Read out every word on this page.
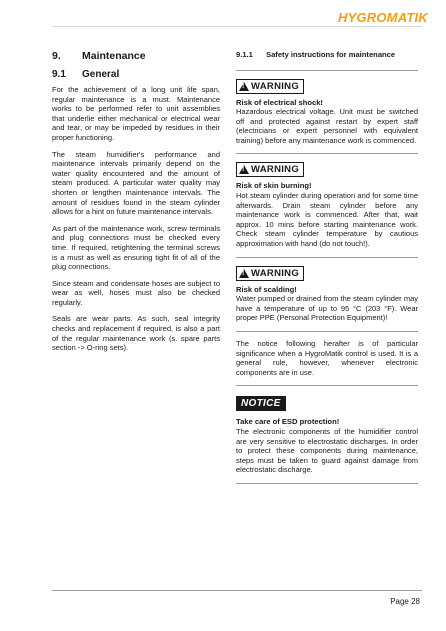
HYGROMATIK
9.	Maintenance
9.1	General

For the achievement of a long unit life span, regular maintenance is a must. Maintenance works to be performed refer to unit assemblies that underlie either mechanical or electrical wear and tear, or may be impeded by residues in their proper functioning.

The steam humidifier's performance and maintenance intervals primarily depend on the water quality encountered and the amount of steam produced. A particular water quality may shorten or lengthen maintenance intervals. The amount of residues found in the steam cylinder allows for a hint on future maintenance intervals.

As part of the maintenance work, screw terminals and plug connections must be checked every time. If required, retightening the terminal screws is a must as well as ensuring tight fit of all of the plug connections.

Since steam and condensate hoses are subject to wear as well, hoses must also be checked regularly.

Seals are wear parts. As such, seal integrity checks and replacement if required, is also a part of the regular maintenance work (s. spare parts section -> O-ring sets).

9.1.1	Safety instructions for maintenance
! WARNING

Risk of electrical shock!

Hazardous electrical voltage. Unit must be switched off and protected against restart by expert staff (electricians or expert personnel with equivalent training) before any maintenance work is commenced.

! WARNING

Risk of skin burning!

Hot steam cylinder during operation and for some time afterwards. Drain steam cylinder before any maintenance work is commenced. After that, wait approx. 10 mins before starting maintenance work. Check steam cylinder temperature by cautious approximation with hand (do not touch!).

! WARNING

Risk of scalding!

Water pumped or drained from the steam cylinder may have a temperature of up to 95 °C (203 °F). Wear proper PPE (Personal Protection Equipment)!

The notice following herafter is of particular significance when a HygroMatik control is used. It is a general rule, however, whenever electronic components are in use.

NOTICE

Take care of ESD protection!

The electronic components of the humidifier control are very sensitive to electrostatic discharges. In order to protect these components during maintenance, steps must be taken to guard against damage from electrostatic discharge.

Page 28
